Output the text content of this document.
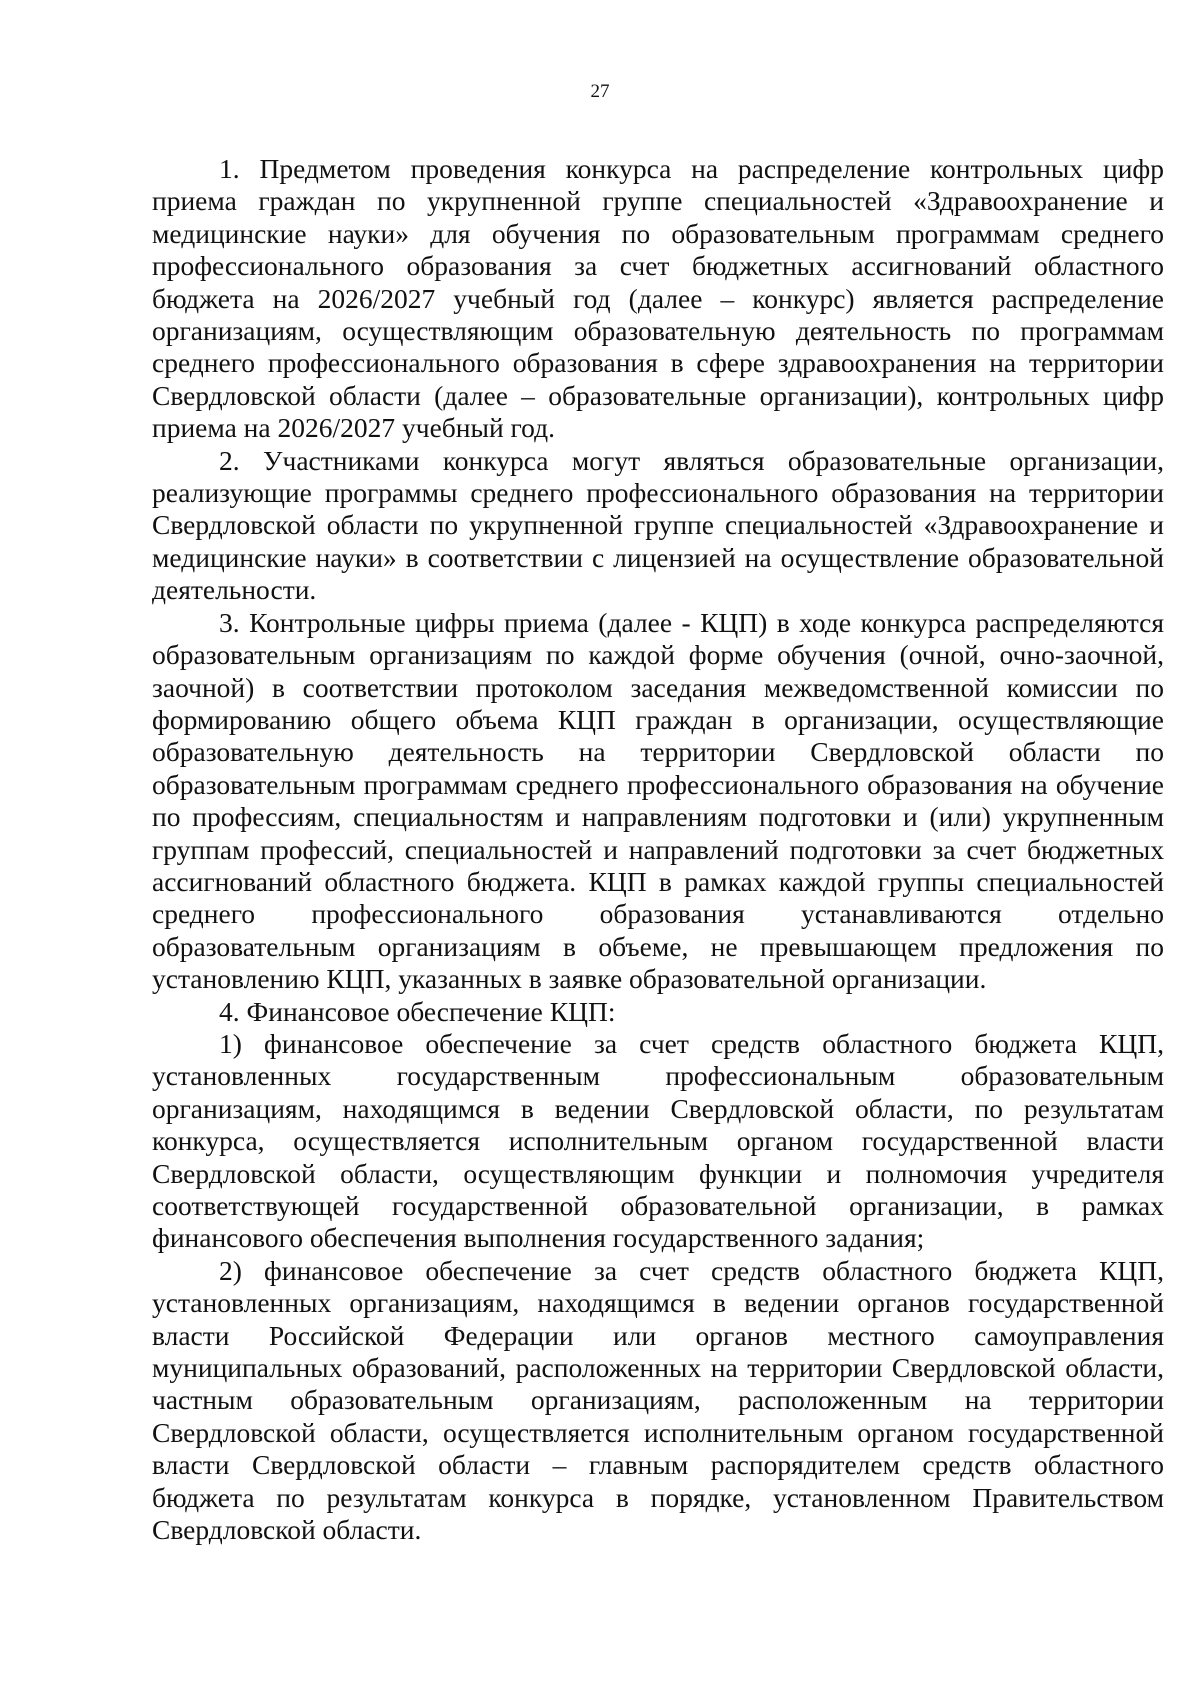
27

1. Предметом проведения конкурса на распределение контрольных цифр приема граждан по укрупненной группе специальностей «Здравоохранение и медицинские науки» для обучения по образовательным программам среднего профессионального образования за счет бюджетных ассигнований областного бюджета на 2026/2027 учебный год (далее – конкурс) является распределение организациям, осуществляющим образовательную деятельность по программам среднего профессионального образования в сфере здравоохранения на территории Свердловской области (далее – образовательные организации), контрольных цифр приема на 2026/2027 учебный год.

2. Участниками конкурса могут являться образовательные организации, реализующие программы среднего профессионального образования на территории Свердловской области по укрупненной группе специальностей «Здравоохранение и медицинские науки» в соответствии с лицензией на осуществление образовательной деятельности.

3. Контрольные цифры приема (далее - КЦП) в ходе конкурса распределяются образовательным организациям по каждой форме обучения (очной, очно-заочной, заочной) в соответствии протоколом заседания межведомственной комиссии по формированию общего объема КЦП граждан в организации, осуществляющие образовательную деятельность на территории Свердловской области по образовательным программам среднего профессионального образования на обучение по профессиям, специальностям и направлениям подготовки и (или) укрупненным группам профессий, специальностей и направлений подготовки за счет бюджетных ассигнований областного бюджета. КЦП в рамках каждой группы специальностей среднего профессионального образования устанавливаются отдельно образовательным организациям в объеме, не превышающем предложения по установлению КЦП, указанных в заявке образовательной организации.

4. Финансовое обеспечение КЦП:

1) финансовое обеспечение за счет средств областного бюджета КЦП, установленных государственным профессиональным образовательным организациям, находящимся в ведении Свердловской области, по результатам конкурса, осуществляется исполнительным органом государственной власти Свердловской области, осуществляющим функции и полномочия учредителя соответствующей государственной образовательной организации, в рамках финансового обеспечения выполнения государственного задания;

2) финансовое обеспечение за счет средств областного бюджета КЦП, установленных организациям, находящимся в ведении органов государственной власти Российской Федерации или органов местного самоуправления муниципальных образований, расположенных на территории Свердловской области, частным образовательным организациям, расположенным на территории Свердловской области, осуществляется исполнительным органом государственной власти Свердловской области – главным распорядителем средств областного бюджета по результатам конкурса в порядке, установленном Правительством Свердловской области.
